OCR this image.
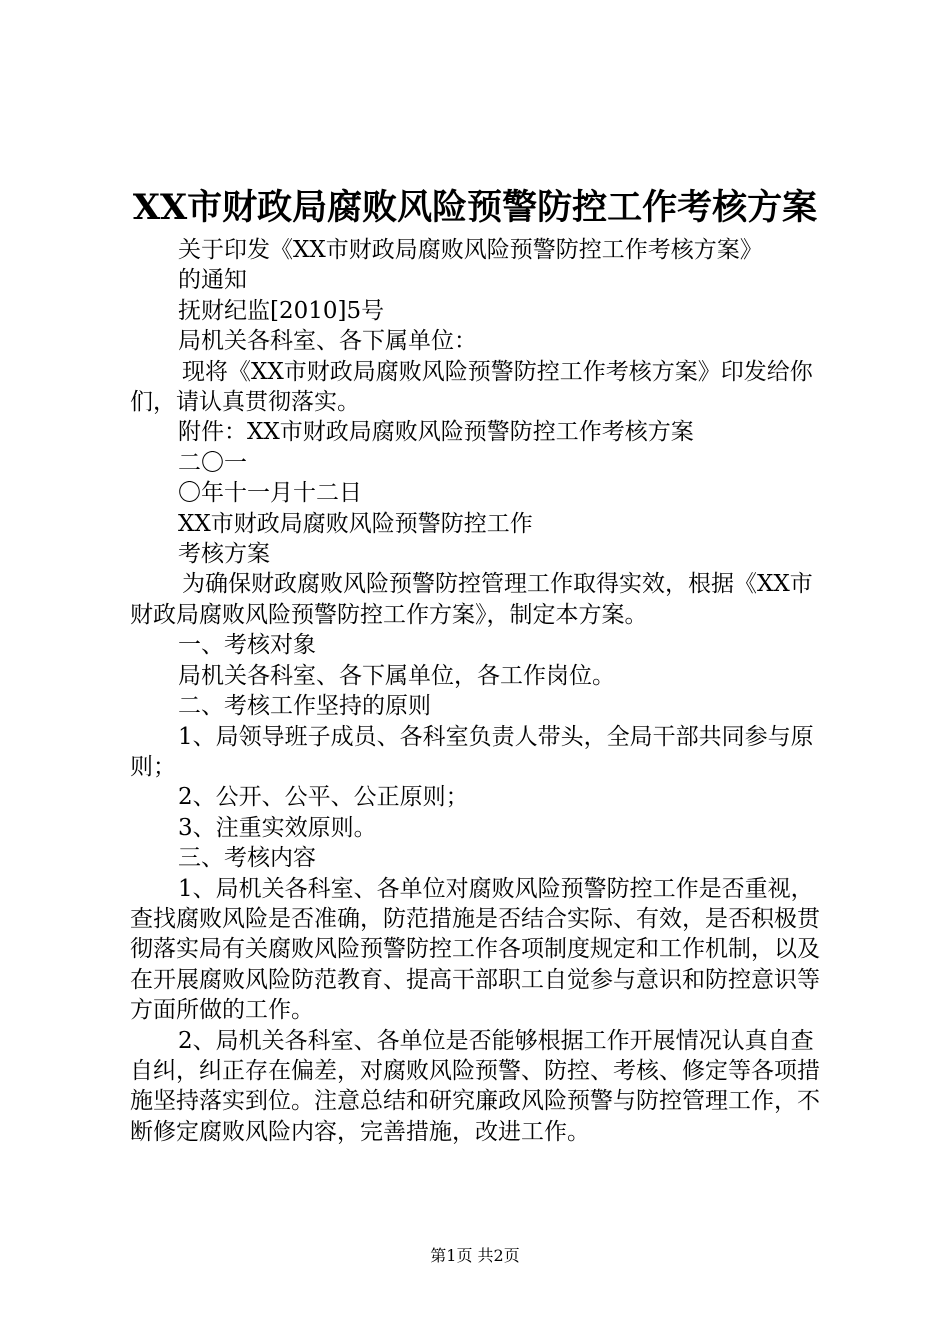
XX市财政局腐败风险预警防控工作考核方案

关于印发《XX市财政局腐败风险预警防控工作考核方案》的通知

抚财纪监[2010]5号

局机关各科室、各下属单位：

现将《XX市财政局腐败风险预警防控工作考核方案》印发给你们，请认真贯彻落实。

附件：XX市财政局腐败风险预警防控工作考核方案

二〇一

〇年十一月十二日

XX市财政局腐败风险预警防控工作

考核方案

为确保财政腐败风险预警防控管理工作取得实效，根据《XX市财政局腐败风险预警防控工作方案》，制定本方案。

一、考核对象

局机关各科室、各下属单位，各工作岗位。

二、考核工作坚持的原则

1、局领导班子成员、各科室负责人带头，全局干部共同参与原则；

2、公开、公平、公正原则；

3、注重实效原则。

三、考核内容

1、局机关各科室、各单位对腐败风险预警防控工作是否重视，查找腐败风险是否准确，防范措施是否结合实际、有效，是否积极贯彻落实局有关腐败风险预警防控工作各项制度规定和工作机制，以及在开展腐败风险防范教育、提高干部职工自觉参与意识和防控意识等方面所做的工作。

2、局机关各科室、各单位是否能够根据工作开展情况认真自查自纠，纠正存在偏差，对腐败风险预警、防控、考核、修定等各项措施坚持落实到位。注意总结和研究廉政风险预警与防控管理工作，不断修定腐败风险内容，完善措施，改进工作。

第1页 共2页
